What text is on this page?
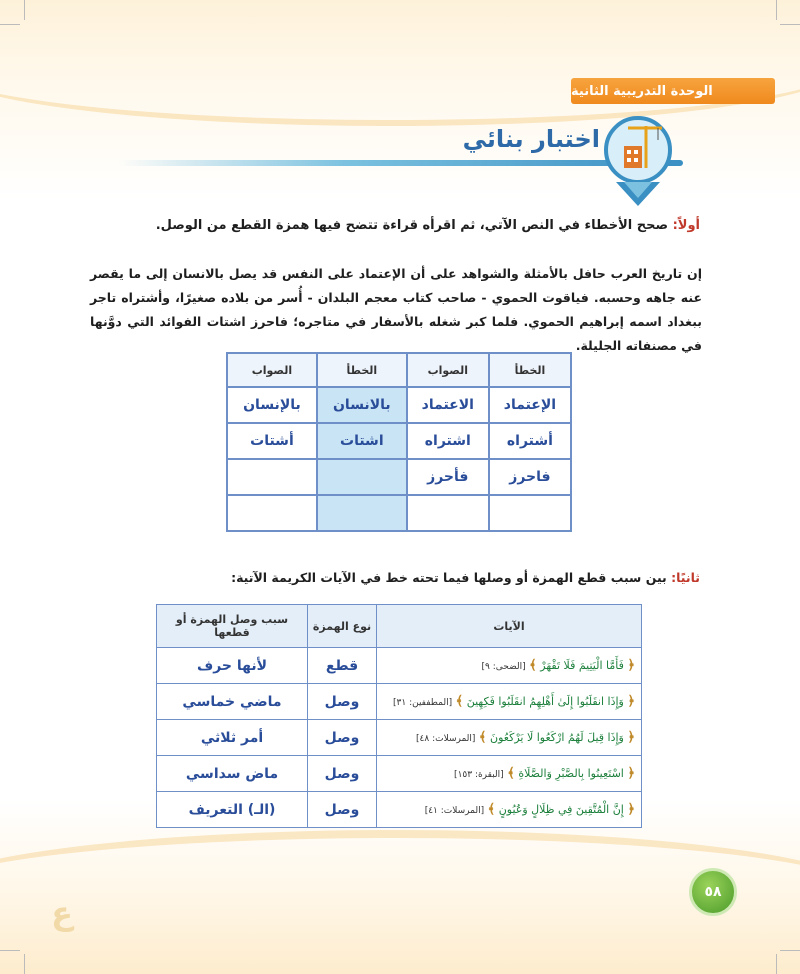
الوحدة التدريبية الثانية
اختبار بنائي
أولاً: صحح الأخطاء في النص الآتي، ثم اقرأه قراءة تتضح فيها همزة القطع من الوصل.
إن تاريخ العرب حافل بالأمثلة والشواهد على أن الإعتماد على النفس قد يصل بالانسان إلى ما يقصر عنه جاهه وحسبه. فياقوت الحموي - صاحب كتاب معجم البلدان - أُسر من بلاده صغيرًا، وأشتراه تاجر ببغداد اسمه إبراهيم الحموي. فلما كبر شغله بالأسفار في متاجره؛ فاحرز اشتات الفوائد التي دوَّنها في مصنفاته الجليلة.
الخطأ	الصواب	الخطأ	الصواب
الإعتماد	الاعتماد	بالانسان	بالإنسان
أشتراه	اشتراه	اشتات	أشتات
فاحرز	فأحرز		

ثانيًا: بين سبب قطع الهمزة أو وصلها فيما تحته خط في الآيات الكريمة الآتية:
الآيات	نوع الهمزة	سبب وصل الهمزة أو قطعها
﴿ فَأَمَّا الْيَتِيمَ فَلَا تَقْهَرْ ﴾ [الضحى: ٩]	قطع	لأنها حرف
﴿ وَإِذَا انقَلَبُوا إِلَىٰ أَهْلِهِمُ انقَلَبُوا فَكِهِينَ ﴾ [المطففين: ٣١]	وصل	ماضي خماسي
﴿ وَإِذَا قِيلَ لَهُمُ ارْكَعُوا لَا يَرْكَعُونَ ﴾ [المرسلات: ٤٨]	وصل	أمر ثلاثي
﴿ اسْتَعِينُوا بِالصَّبْرِ وَالصَّلَاةِ ﴾ [البقرة: ١٥٣]	وصل	ماض سداسي
﴿ إِنَّ الْمُتَّقِينَ فِي ظِلَالٍ وَعُيُونٍ ﴾ [المرسلات: ٤١]	وصل	(الـ) التعريف
٥٨
ع
